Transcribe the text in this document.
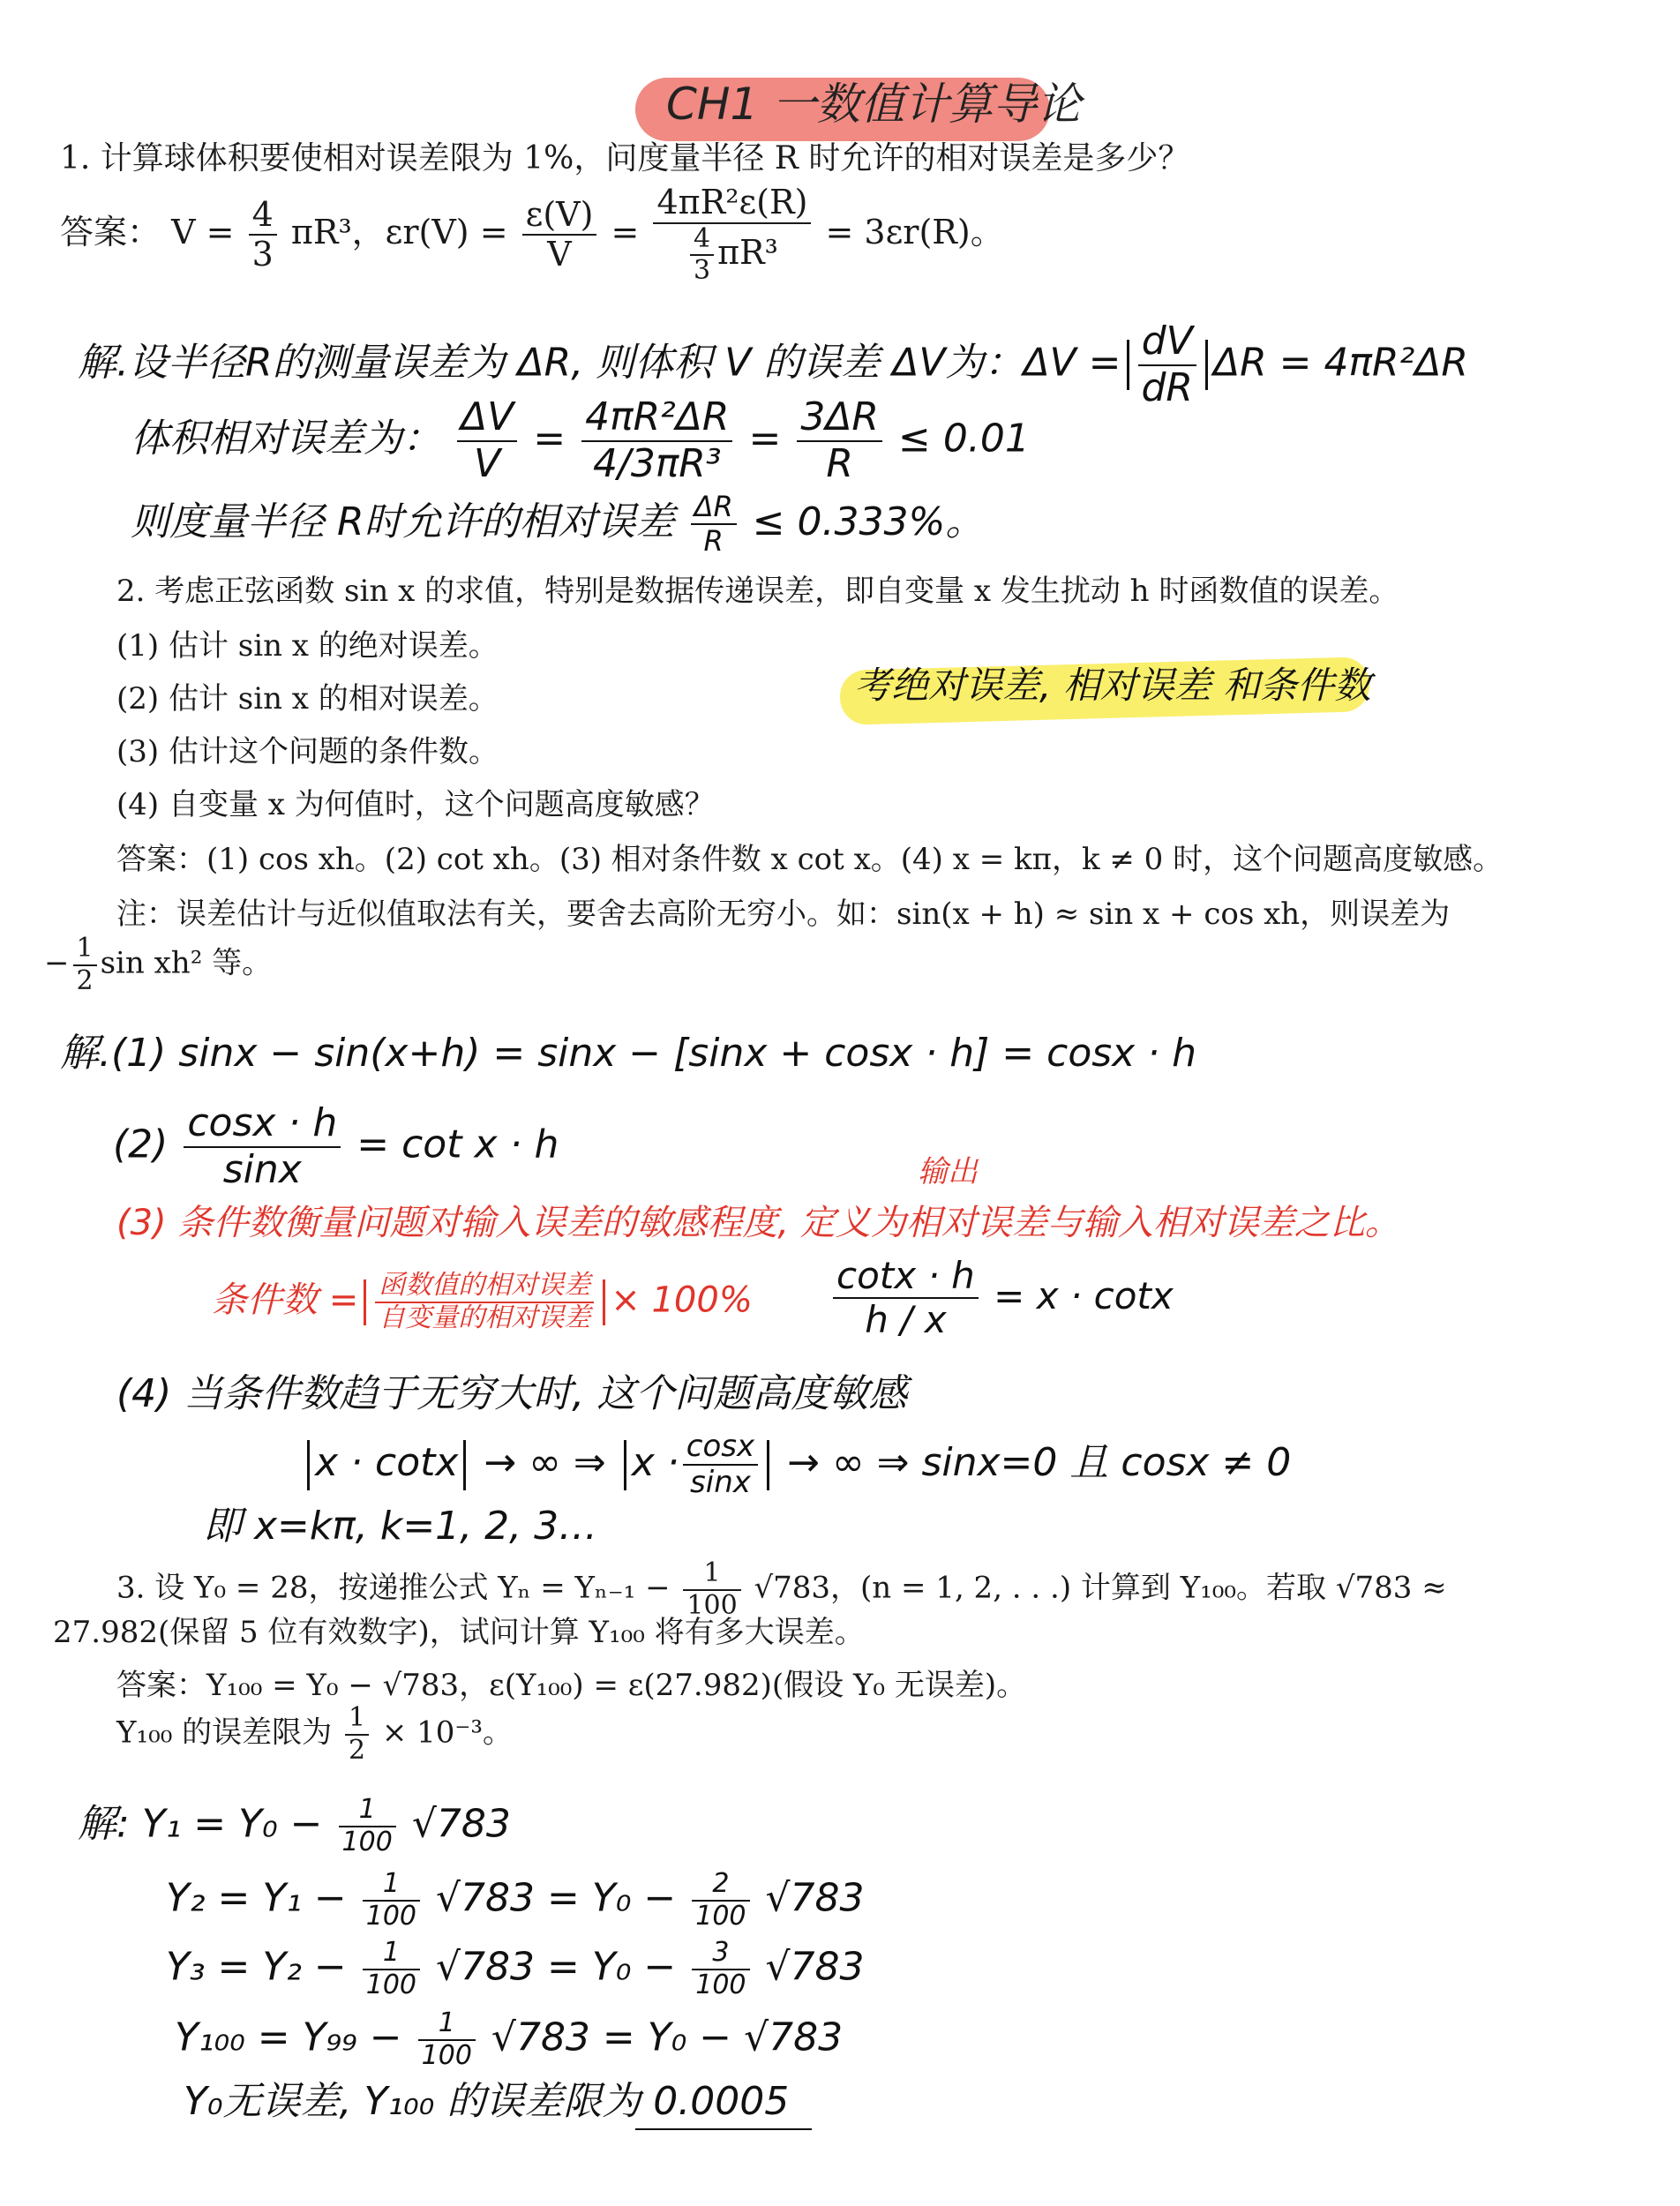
CH1 一数值计算导论
1. 计算球体积要使相对误差限为 1%，问度量半径 R 时允许的相对误差是多少？
答案： $V = \frac{4}{3} \pi R^3$，$\varepsilon r(V) = \frac{\varepsilon(V)}{V} = \frac{\text{4πR²ε(R)}}{\frac{4}{3} \pi R^3} = 3\varepsilon r(R)$。
解.设半径R的测量误差为 ΔR, 则体积 V 的误差 ΔV为：$\Delta V = \frac{dV}{dR}$ ΔR = 4πR²ΔR
体积相对误差为： $\frac{\Delta V}{V} = \frac{\text{4πR²ΔR}}{\text{4/3πR³}} = \frac{3\Delta R}{R} \le 0.01$
则度量半径 R时允许的相对误差 $\frac{\Delta R}{R} \le 0.333\%$。
2. 考虑正弦函数 sin x 的求值，特别是数据传递误差，即自变量 x 发生扰动 h 时函数值的误差。
(1) 估计 sin x 的绝对误差。
考绝对误差, 相对误差 和条件数
(2) 估计 sin x 的相对误差。
(3) 估计这个问题的条件数。
(4) 自变量 x 为何值时，这个问题高度敏感？
答案：(1) cos xh。(2) cot xh。(3) 相对条件数 x cot x。(4) x = kπ，k ≠ 0 时，这个问题高度敏感。
注：误差估计与近似值取法有关，要舍去高阶无穷小。如：sin(x + h) ≈ sin x + cos xh，则误差为
− $\frac{1}{2}$ sin xh² 等。
解.(1) sinx − sin(x+h) = sinx − [sinx + cosx · h] = cosx · h
$(2) \frac{\cos x \cdot h}{\sin x} = \cot x \cdot h$
输出
(3) 条件数衡量问题对输入误差的敏感程度, 定义为相对误差与输入相对误差之比。
条件数 = $\frac{\text{函数值的相对误差}}{\text{自变量的相对误差}} \times 100\% \frac{\cot x \cdot h}{h / x} = x \cdot \cot x$
(4) 当条件数趋于无穷大时, 这个问题高度敏感
x · cotx → ∞ ⇒ $x \cdot \frac{\cos x}{\sin x}$ → ∞ ⇒ sinx=0 且 cosx ≠ 0
即 x=kπ, k=1, 2, 3…
3. 设 Y₀ = 28，按递推公式 $Y_n = Y_{n-1} - \frac{1}{100} √783$，(n = 1, 2, . . .) 计算到 Y₁₀₀。若取 √783 ≈
27.982(保留 5 位有效数字)，试问计算 Y₁₀₀ 将有多大误差。
答案：Y₁₀₀ = Y₀ − √783，ε(Y₁₀₀) = ε(27.982)(假设 Y₀ 无误差)。
Y₁₀₀ 的误差限为 $\frac{1}{2} \times 10^{-3}$。
解: $Y_1 = Y_0 - \frac{1}{100} √783$
$Y_2 = Y_1 - \frac{1}{100} √783 = Y_0 - \frac{2}{100} √783$
$Y_3 = Y_2 - \frac{1}{100} √783 = Y_0 - \frac{3}{100} √783$
$Y_{100} = Y_{99} - \frac{1}{100} √783 = Y_0 - √783$
Y₀无误差, Y₁₀₀ 的误差限为 0.0005
